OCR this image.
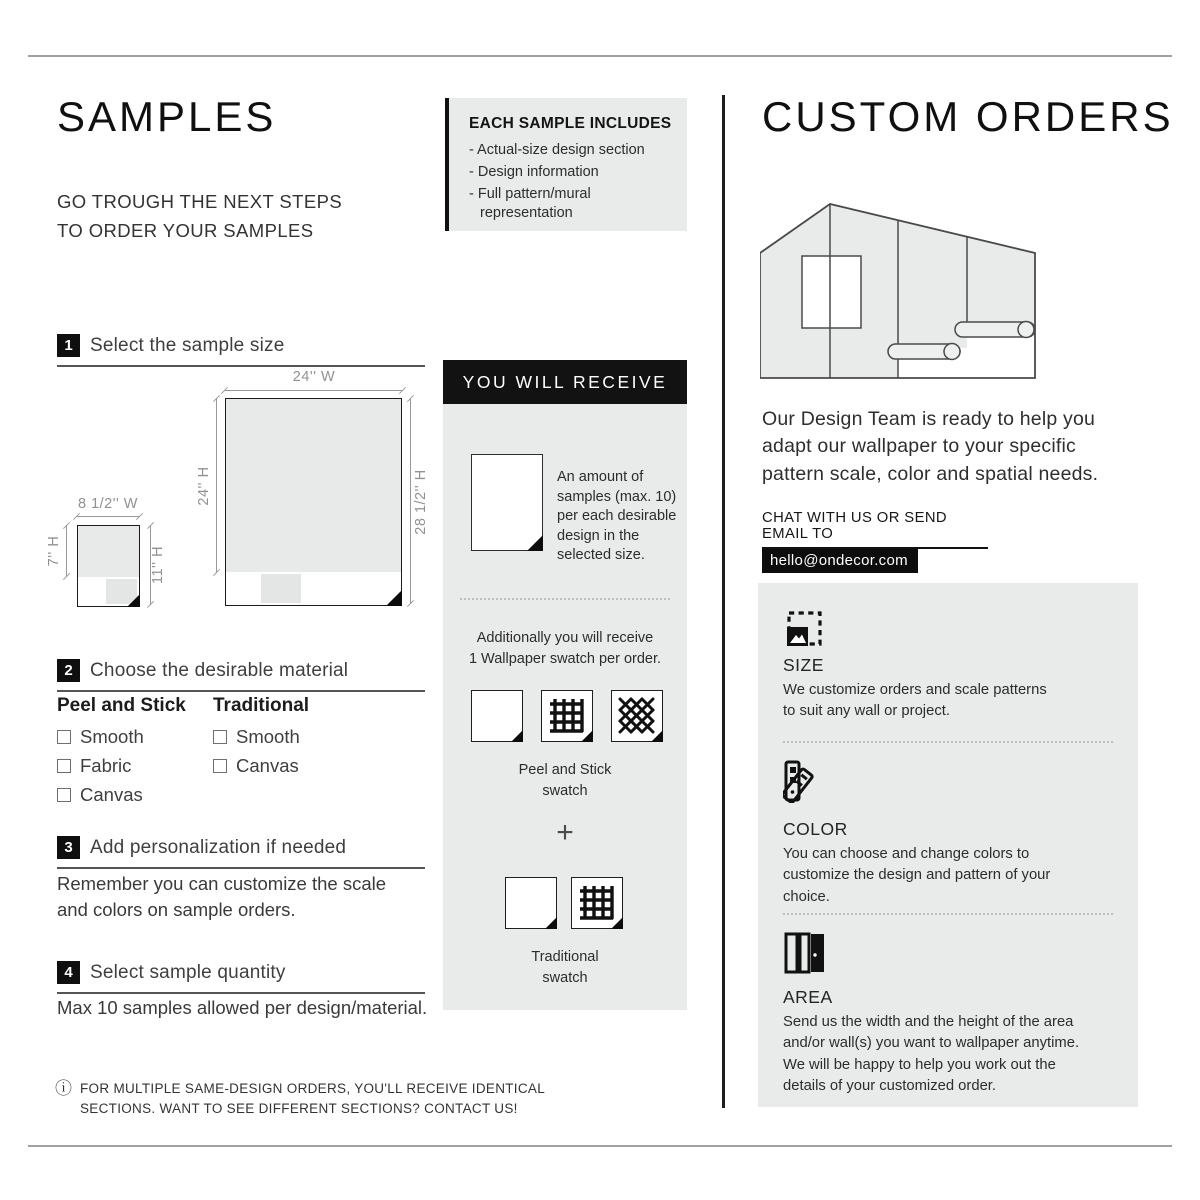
SAMPLES
GO TROUGH THE NEXT STEPS
TO ORDER YOUR SAMPLES
1 Select the sample size
8 1/2'' W
7'' H	11'' H
24'' W
24'' H	28 1/2'' H
2 Choose the desirable material
Peel and Stick
Smooth
Fabric
Canvas
Traditional
Smooth
Canvas
3 Add personalization if needed
Remember you can customize the scale
and colors on sample orders.
4 Select sample quantity
Max 10 samples allowed per design/material.
ⓘ FOR MULTIPLE SAME-DESIGN ORDERS, YOU'LL RECEIVE IDENTICAL
SECTIONS. WANT TO SEE DIFFERENT SECTIONS? CONTACT US!
EACH SAMPLE INCLUDES
- Actual-size design section
- Design information
- Full pattern/mural
representation
YOU WILL RECEIVE
An amount of
samples (max. 10)
per each desirable
design in the
selected size.
Additionally you will receive
1 Wallpaper swatch per order.
Peel and Stick
swatch
+
Traditional
swatch
CUSTOM ORDERS
Our Design Team is ready to help you
adapt our wallpaper to your specific
pattern scale, color and spatial needs.
CHAT WITH US OR SEND EMAIL TO
hello@ondecor.com
SIZE
We customize orders and scale patterns
to suit any wall or project.
COLOR
You can choose and change colors to
customize the design and pattern of your
choice.
AREA
Send us the width and the height of the area
and/or wall(s) you want to wallpaper anytime.
We will be happy to help you work out the
details of your customized order.
